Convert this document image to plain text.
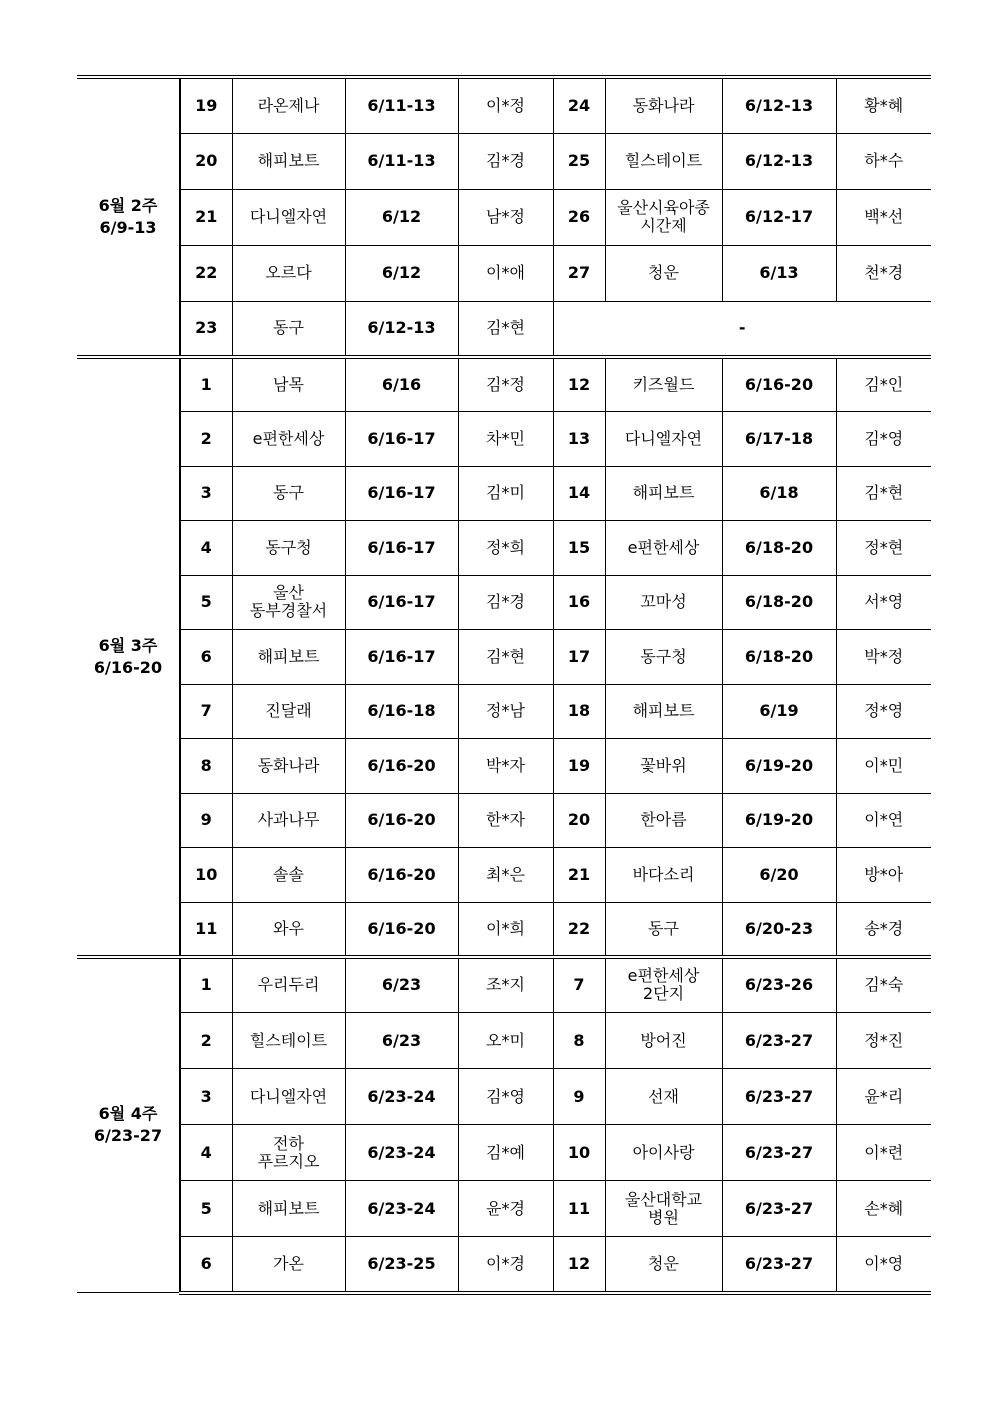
6월 2주
6/9-13	19	라온제나	6/11-13	이*정	24	동화나라	6/12-13	황*혜
	20	해피보트	6/11-13	김*경	25	힐스테이트	6/12-13	하*수
	21	다니엘자연	6/12	남*정	26	울산시육아종
시간제	6/12-17	백*선
	22	오르다	6/12	이*애	27	청운	6/13	천*경
	23	동구	6/12-13	김*현	-			

6월 3주
6/16-20	1	남목	6/16	김*정	12	키즈월드	6/16-20	김*인
	2	e편한세상	6/16-17	차*민	13	다니엘자연	6/17-18	김*영
	3	동구	6/16-17	김*미	14	해피보트	6/18	김*현
	4	동구청	6/16-17	정*희	15	e편한세상	6/18-20	정*현
	5	울산
동부경찰서	6/16-17	김*경	16	꼬마성	6/18-20	서*영
	6	해피보트	6/16-17	김*현	17	동구청	6/18-20	박*정
	7	진달래	6/16-18	정*남	18	해피보트	6/19	정*영
	8	동화나라	6/16-20	박*자	19	꽃바위	6/19-20	이*민
	9	사과나무	6/16-20	한*자	20	한아름	6/19-20	이*연
	10	솔솔	6/16-20	최*은	21	바다소리	6/20	방*아
	11	와우	6/16-20	이*희	22	동구	6/20-23	송*경

6월 4주
6/23-27	1	우리두리	6/23	조*지	7	e편한세상
2단지	6/23-26	김*숙
	2	힐스테이트	6/23	오*미	8	방어진	6/23-27	정*진
	3	다니엘자연	6/23-24	김*영	9	선재	6/23-27	윤*리
	4	전하
푸르지오	6/23-24	김*예	10	아이사랑	6/23-27	이*련
	5	해피보트	6/23-24	윤*경	11	울산대학교
병원	6/23-27	손*혜
	6	가온	6/23-25	이*경	12	청운	6/23-27	이*영
